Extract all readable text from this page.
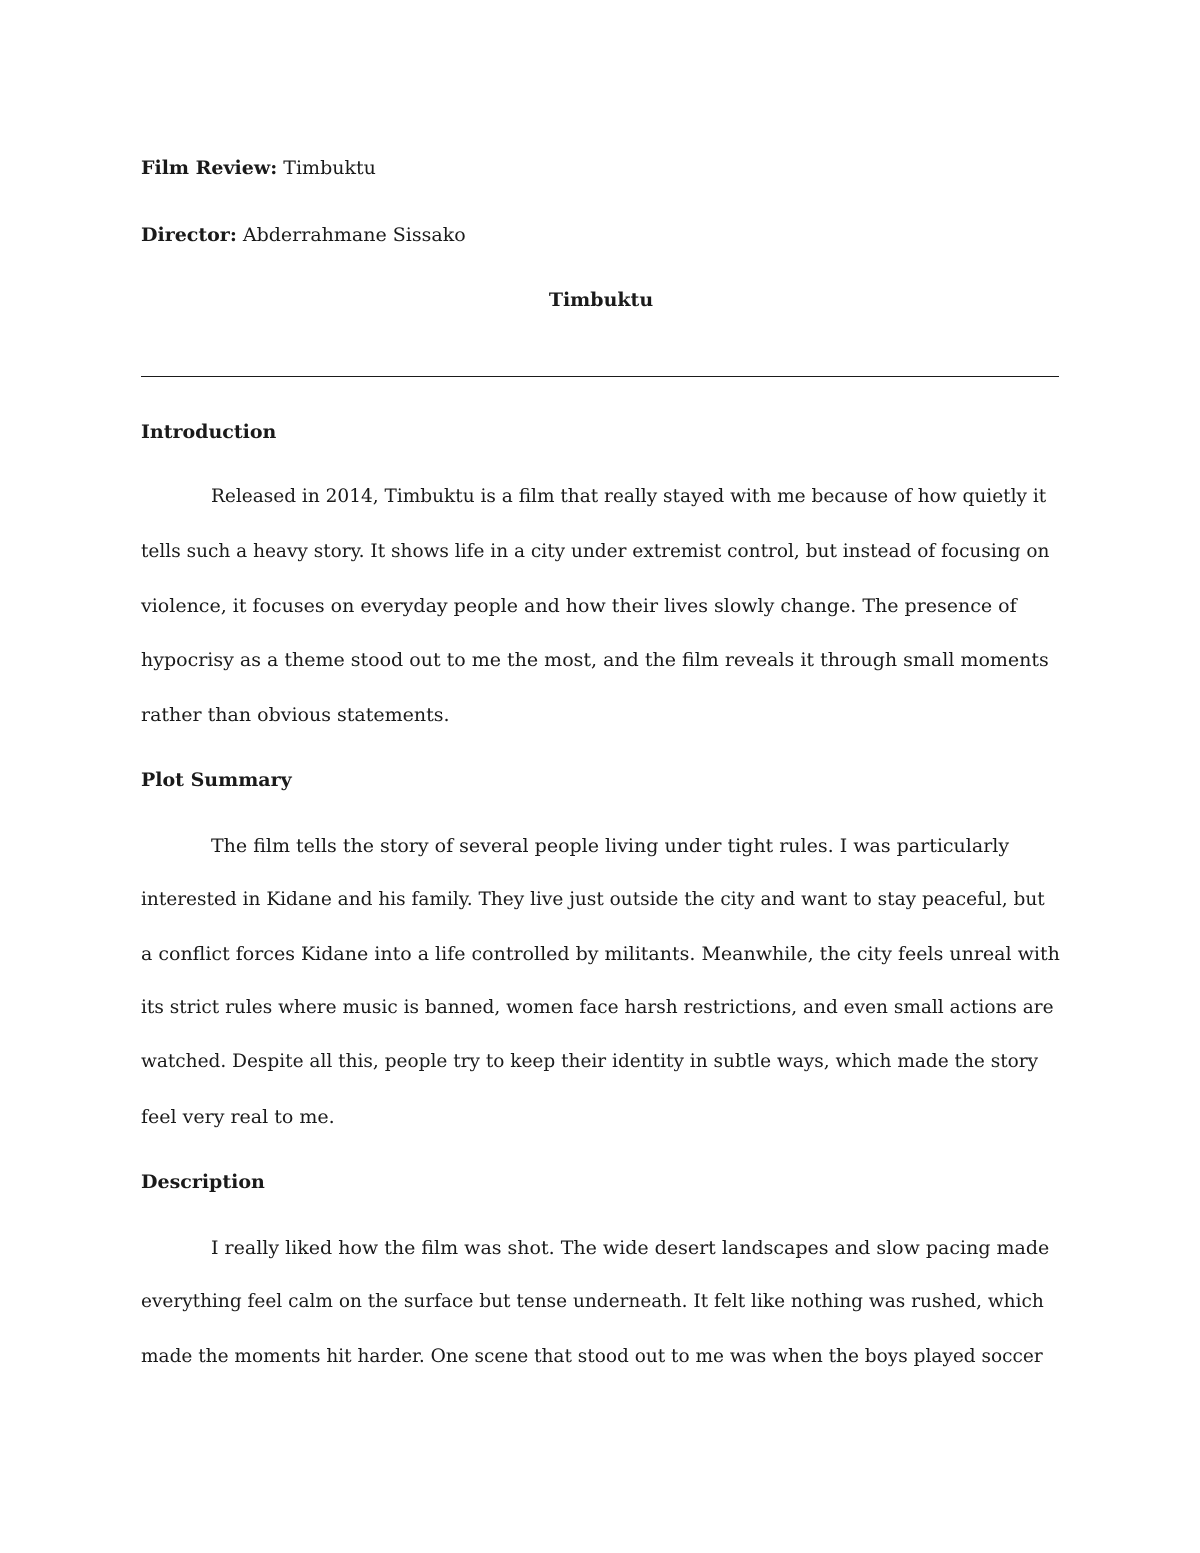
Film Review: Timbuktu
Director: Abderrahmane Sissako
Timbuktu
Introduction
Released in 2014, Timbuktu is a film that really stayed with me because of how quietly it
tells such a heavy story. It shows life in a city under extremist control, but instead of focusing on
violence, it focuses on everyday people and how their lives slowly change. The presence of
hypocrisy as a theme stood out to me the most, and the film reveals it through small moments
rather than obvious statements.
Plot Summary
The film tells the story of several people living under tight rules. I was particularly
interested in Kidane and his family. They live just outside the city and want to stay peaceful, but
a conflict forces Kidane into a life controlled by militants. Meanwhile, the city feels unreal with
its strict rules where music is banned, women face harsh restrictions, and even small actions are
watched. Despite all this, people try to keep their identity in subtle ways, which made the story
feel very real to me.
Description
I really liked how the film was shot. The wide desert landscapes and slow pacing made
everything feel calm on the surface but tense underneath. It felt like nothing was rushed, which
made the moments hit harder. One scene that stood out to me was when the boys played soccer
